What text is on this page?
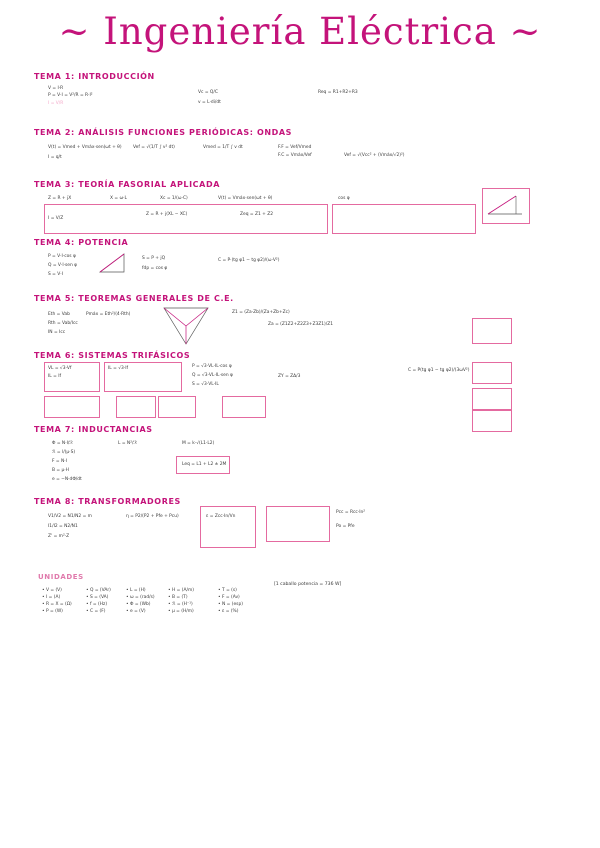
~ Ingeniería Eléctrica ~
TEMA 1: INTRODUCCIÓN
TEMA 2: ANÁLISIS FUNCIONES PERIÓDICAS: ONDAS
TEMA 3: TEORÍA FASORIAL APLICADA
TEMA 4: POTENCIA
TEMA 5: TEOREMAS GENERALES DE C.E.
TEMA 6: SISTEMAS TRIFÁSICOS
TEMA 7: INDUCTANCIAS
TEMA 8: TRANSFORMADORES
V = I·R
P = V·I = V²/R = R·I²
I = V/R
Vc = Q/C
v = L·di/dt
Req = R1+R2+R3
V(t) = Vmed + Vmáx·sen(ωt + θ)
I = q/t
Vef = √(1/T ∫ v² dt)	Vmed = 1/T ∫ v dt	F.F = Vef/Vmed
F.C = Vmáx/Vef	Vef = √(Vcc² + (Vmáx/√2)²)
Z = R + jX	X = ω·L	Xc = 1/(ω·C)	V(t) = Vmáx·sen(ωt + θ)
I = V/Z
Z = R + j(XL − XC)	Zeq = Z1 + Z2
cos φ
P = V·I·cos φ
Q = V·I·sen φ
S = V·I
S = P + jQ
fdp = cos φ
C = P·(tg φ1 − tg φ2)/(ω·V²)
Eth = Vab
Rth = Vab/Icc
IN = Icc
Pmáx = Eth²/(4·Rth)	Z1 = (Za·Zb)/(Za+Zb+Zc)
Za = (Z1Z2+Z2Z3+Z3Z1)/Z1
VL = √3·Vf
IL = If
IL = √3·If	P = √3·VL·IL·cos φ
Q = √3·VL·IL·sen φ
S = √3·VL·IL
ZY = ZΔ/3
C = P(tg φ1 − tg φ2)/(3ωV²)
Φ = N·I/ℛ
ℛ = l/(μ·S)
F = N·I
B = μ·H
e = −N·dΦ/dt
L = N²/ℛ	M = k·√(L1·L2)
Leq = L1 + L2 ± 2M
V1/V2 = N1/N2 = m
I1/I2 = N2/N1
Z' = m²·Z
η = P2/(P2 + Pfe + Pcu)	ε = Zcc·In/Vn
Pcc = Rcc·In²
Po = Pfe
UNIDADES
• V = (V)
• I = (A)
• R = X = (Ω)
• P = (W)
• Q = (VAr)
• S = (VA)
• f = (Hz)
• C = (F)
• L = (H)
• ω = (rad/s)
• Φ = (Wb)
• e = (V)
• H = (A/m)
• B = (T)
• ℛ = (H⁻¹)
• μ = (H/m)
• T = (s)
• F = (Av)
• N = (esp)
• ε = (%)
[1 caballo potencia = 736 W]
